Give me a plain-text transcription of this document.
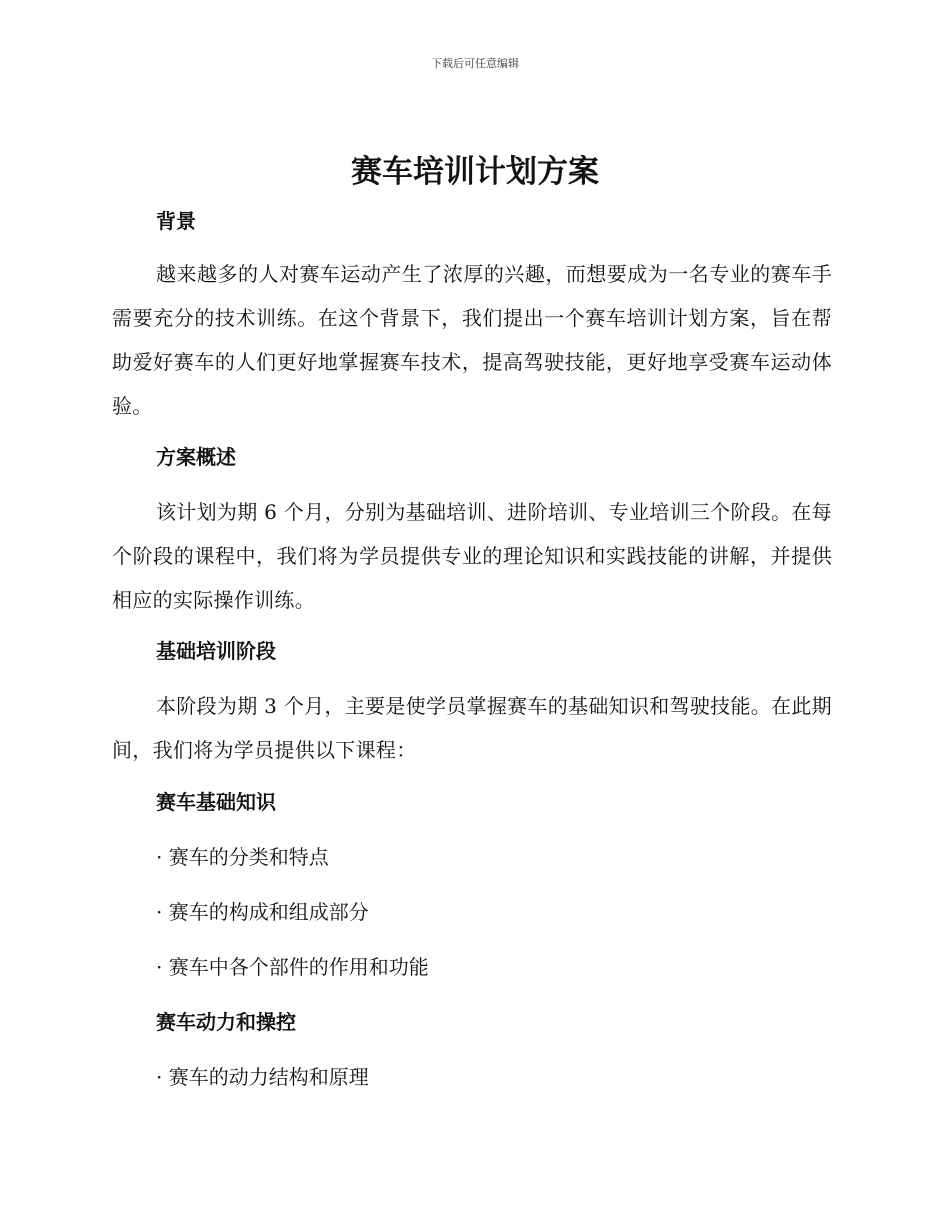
下载后可任意编辑
赛车培训计划方案

背景

越来越多的人对赛车运动产生了浓厚的兴趣，而想要成为一名专业的赛车手需要充分的技术训练。在这个背景下，我们提出一个赛车培训计划方案，旨在帮助爱好赛车的人们更好地掌握赛车技术，提高驾驶技能，更好地享受赛车运动体验。

方案概述

该计划为期 6 个月，分别为基础培训、进阶培训、专业培训三个阶段。在每个阶段的课程中，我们将为学员提供专业的理论知识和实践技能的讲解，并提供相应的实际操作训练。

基础培训阶段

本阶段为期 3 个月，主要是使学员掌握赛车的基础知识和驾驶技能。在此期间，我们将为学员提供以下课程：

赛车基础知识

· 赛车的分类和特点

· 赛车的构成和组成部分

· 赛车中各个部件的作用和功能

赛车动力和操控

· 赛车的动力结构和原理
